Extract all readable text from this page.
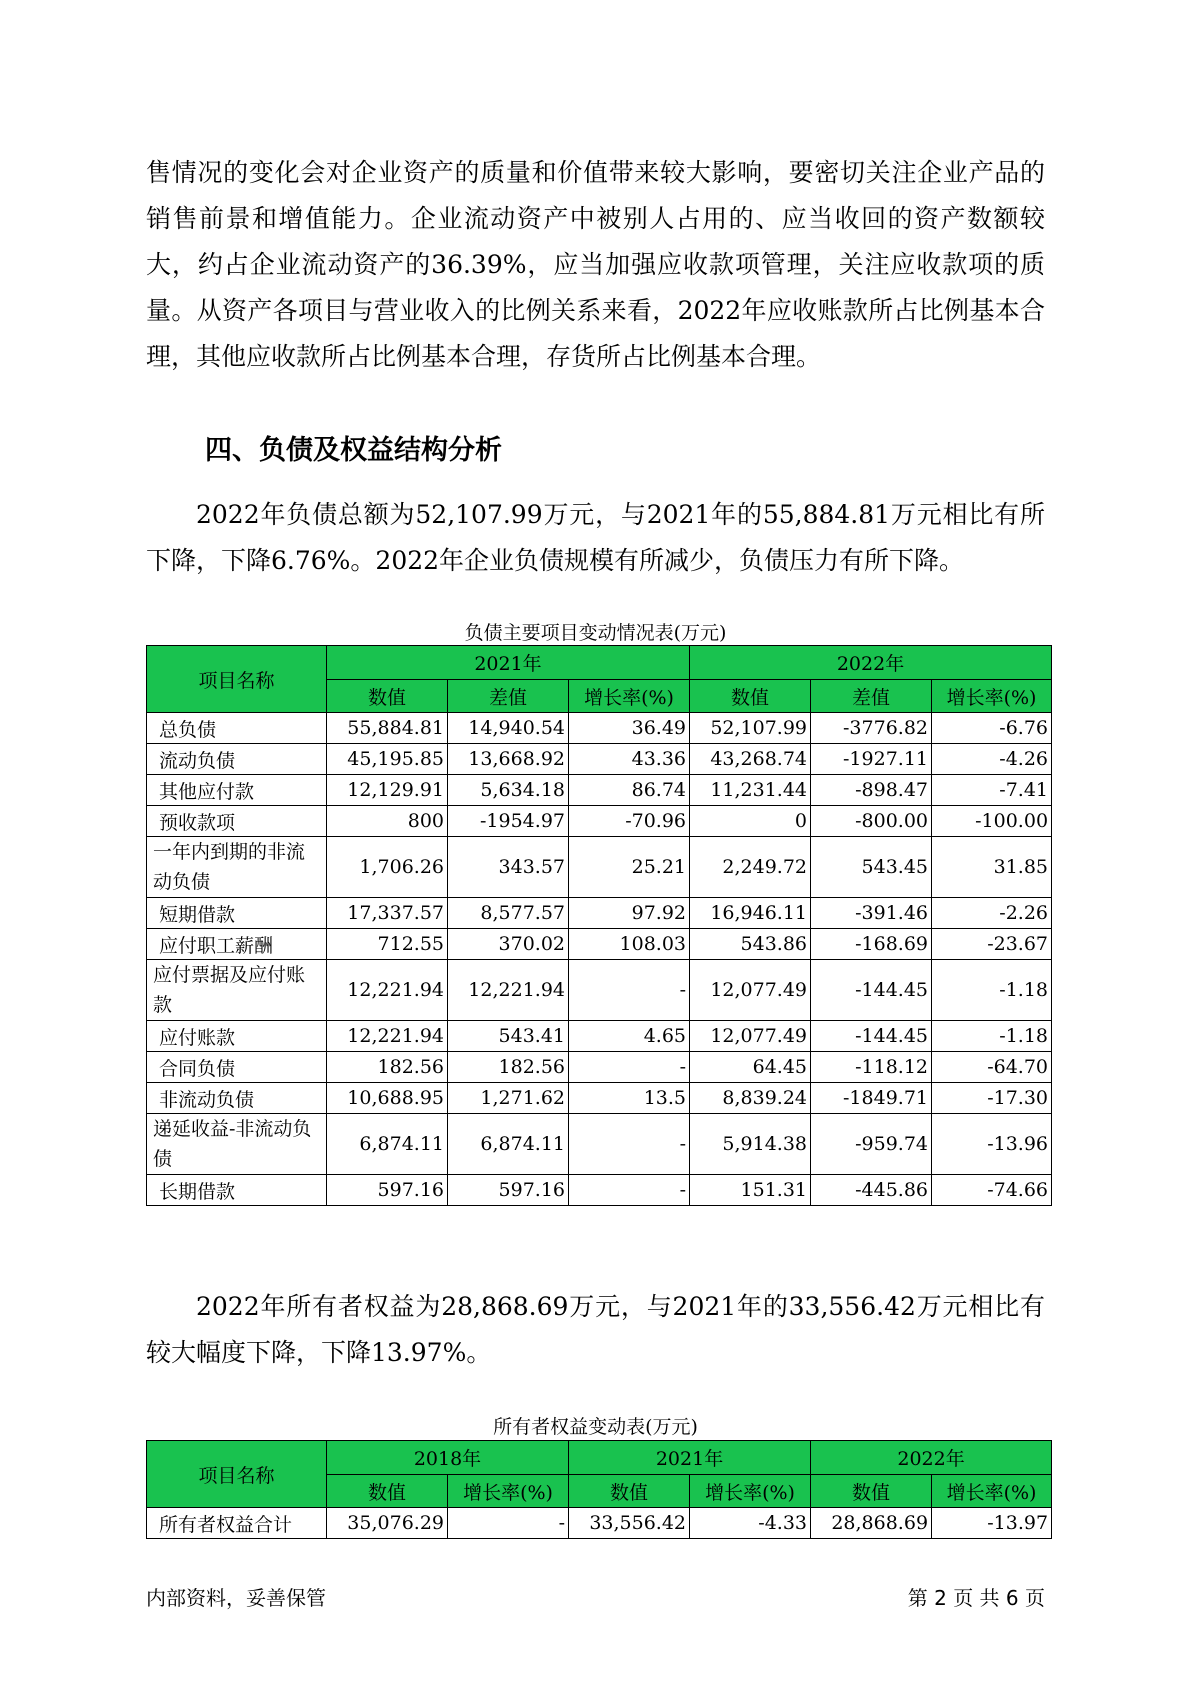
售情况的变化会对企业资产的质量和价值带来较大影响，要密切关注企业产品的销售前景和增值能力。企业流动资产中被别人占用的、应当收回的资产数额较大，约占企业流动资产的36.39%，应当加强应收款项管理，关注应收款项的质量。从资产各项目与营业收入的比例关系来看，2022年应收账款所占比例基本合理，其他应收款所占比例基本合理，存货所占比例基本合理。

四、负债及权益结构分析

2022年负债总额为52,107.99万元，与2021年的55,884.81万元相比有所下降，下降6.76%。2022年企业负债规模有所减少，负债压力有所下降。

负债主要项目变动情况表(万元)

项目名称	2021年			2022年		
	数值	差值	增长率(%)	数值	差值	增长率(%)
总负债	55,884.81	14,940.54	36.49	52,107.99	-3776.82	-6.76
流动负债	45,195.85	13,668.92	43.36	43,268.74	-1927.11	-4.26
其他应付款	12,129.91	5,634.18	86.74	11,231.44	-898.47	-7.41
预收款项	800	-1954.97	-70.96	0	-800.00	-100.00
一年内到期的非流动负债	1,706.26	343.57	25.21	2,249.72	543.45	31.85
短期借款	17,337.57	8,577.57	97.92	16,946.11	-391.46	-2.26
应付职工薪酬	712.55	370.02	108.03	543.86	-168.69	-23.67
应付票据及应付账款	12,221.94	12,221.94	-	12,077.49	-144.45	-1.18
应付账款	12,221.94	543.41	4.65	12,077.49	-144.45	-1.18
合同负债	182.56	182.56	-	64.45	-118.12	-64.70
非流动负债	10,688.95	1,271.62	13.5	8,839.24	-1849.71	-17.30
递延收益-非流动负债	6,874.11	6,874.11	-	5,914.38	-959.74	-13.96
长期借款	597.16	597.16	-	151.31	-445.86	-74.66

2022年所有者权益为28,868.69万元，与2021年的33,556.42万元相比有较大幅度下降，下降13.97%。

所有者权益变动表(万元)

项目名称	2018年		2021年		2022年	
	数值	增长率(%)	数值	增长率(%)	数值	增长率(%)
所有者权益合计	35,076.29	-	33,556.42	-4.33	28,868.69	-13.97

内部资料，妥善保管	第 2 页 共 6 页
